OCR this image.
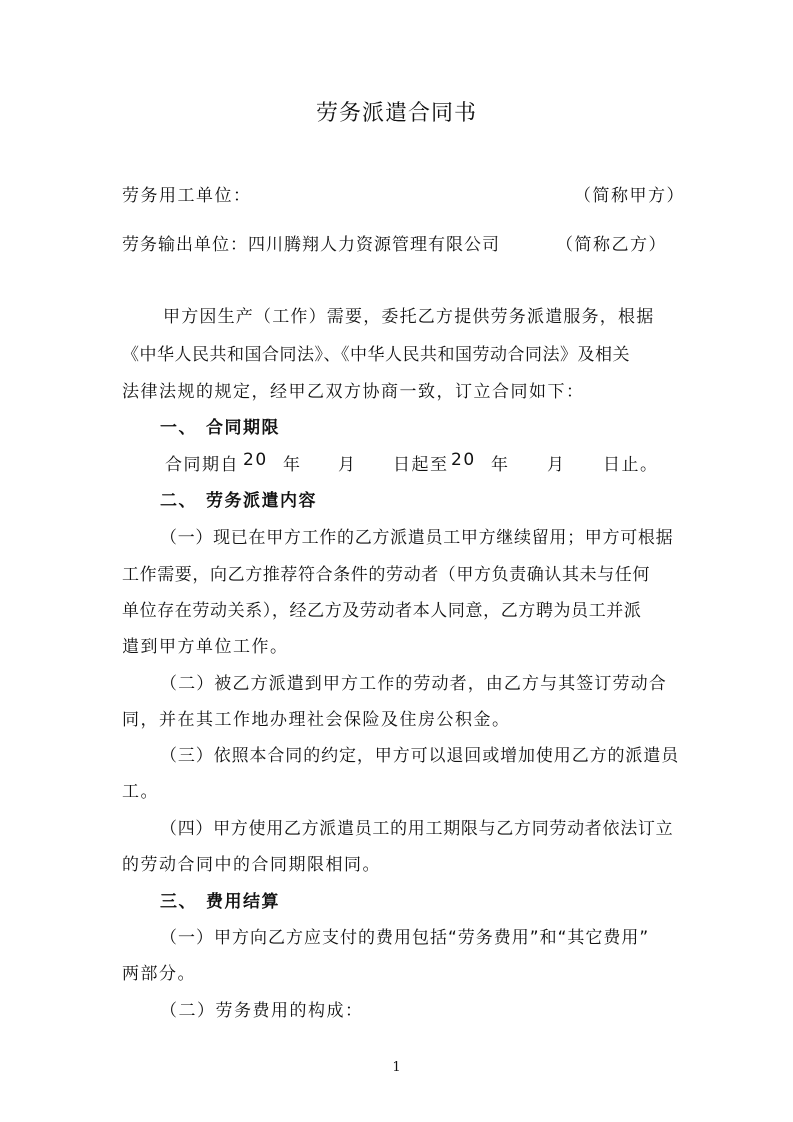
劳务派遣合同书
劳务用工单位：	（简称甲方）
劳务输出单位：四川腾翔人力资源管理有限公司	（简称乙方）
甲方因生产（工作）需要，委托乙方提供劳务派遣服务，根据
《中华人民共和国合同法》、《中华人民共和国劳动合同法》及相关
法律法规的规定，经甲乙双方协商一致，订立合同如下：
一、 合同期限
合同期自 20 年 月 日起至 20 年 月 日止。
二、 劳务派遣内容
（一）现已在甲方工作的乙方派遣员工甲方继续留用；甲方可根据
工作需要，向乙方推荐符合条件的劳动者（甲方负责确认其未与任何
单位存在劳动关系），经乙方及劳动者本人同意，乙方聘为员工并派
遣到甲方单位工作。
（二）被乙方派遣到甲方工作的劳动者，由乙方与其签订劳动合
同，并在其工作地办理社会保险及住房公积金。
（三）依照本合同的约定，甲方可以退回或增加使用乙方的派遣员
工。
（四）甲方使用乙方派遣员工的用工期限与乙方同劳动者依法订立
的劳动合同中的合同期限相同。
三、 费用结算
（一）甲方向乙方应支付的费用包括“劳务费用”和“其它费用”
两部分。
（二）劳务费用的构成：
1
